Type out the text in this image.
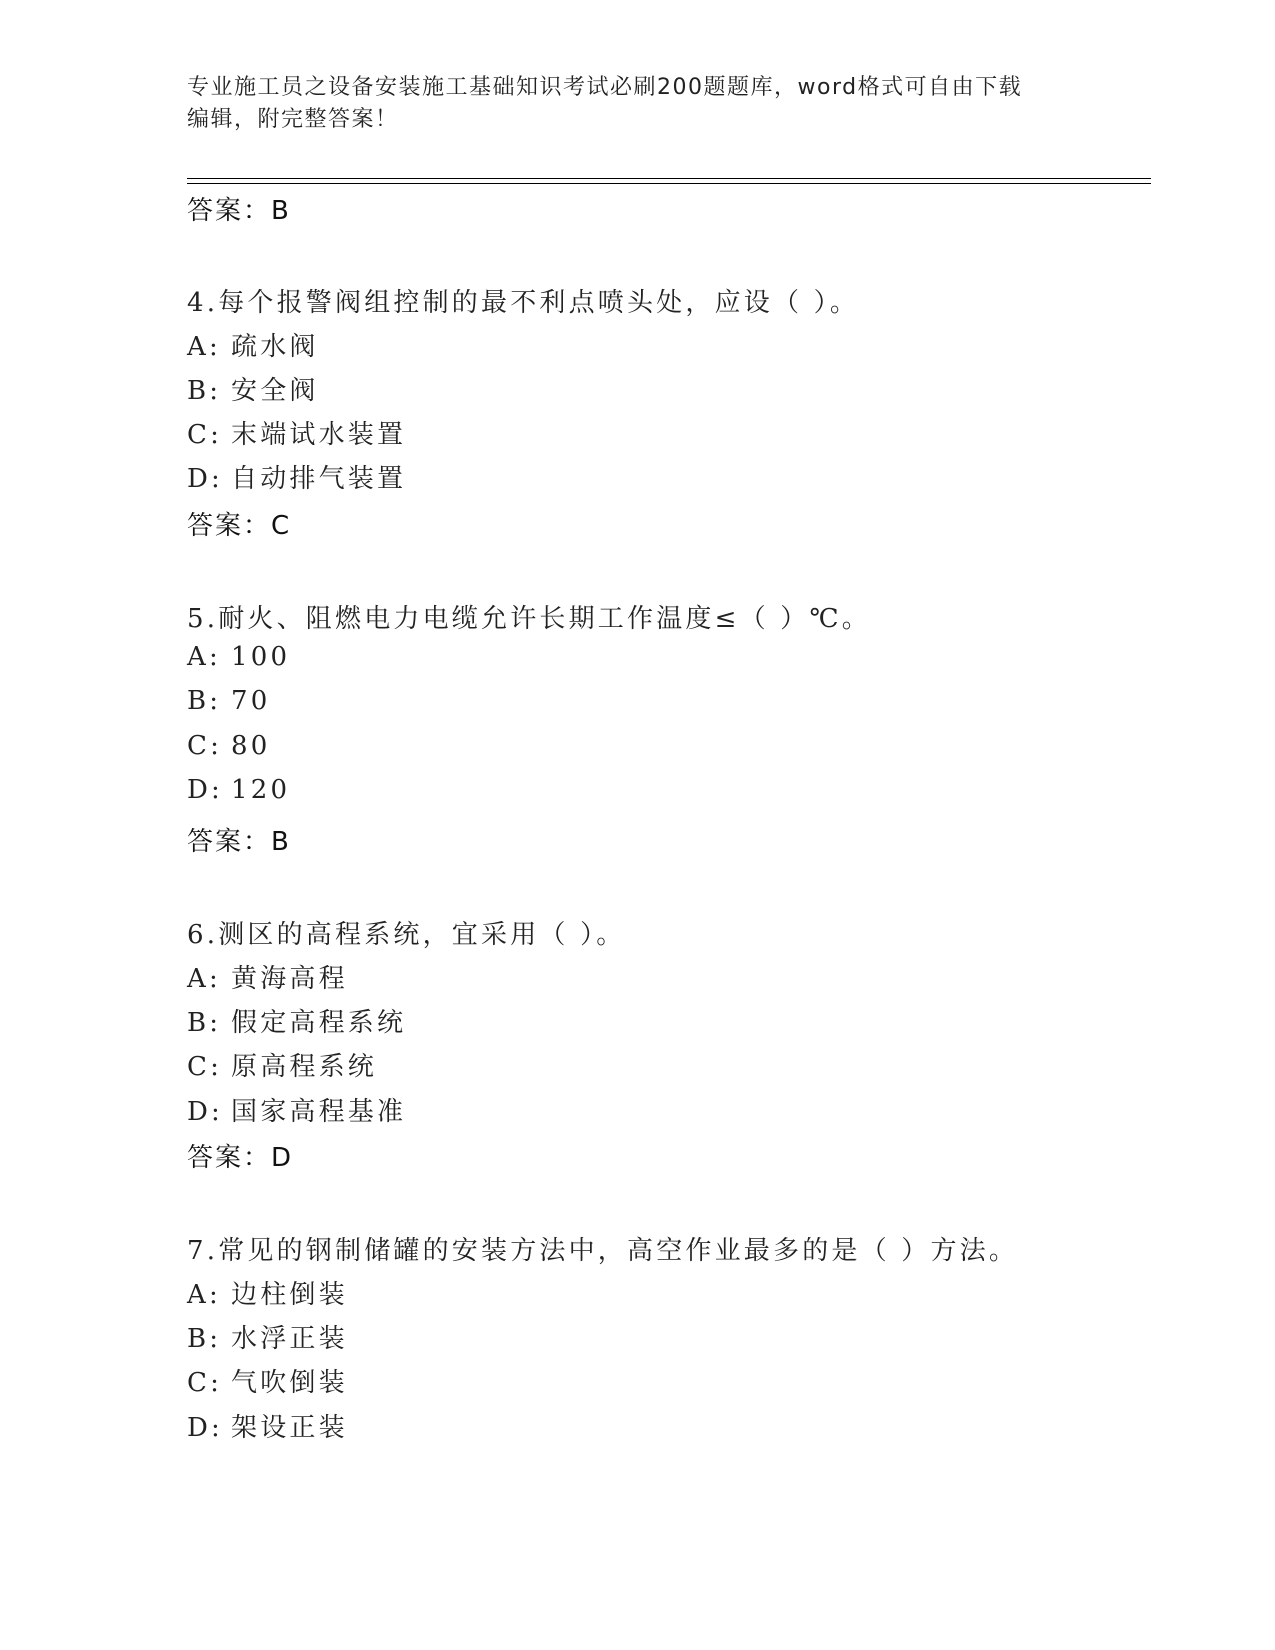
专业施工员之设备安装施工基础知识考试必刷200题题库，word格式可自由下载
编辑，附完整答案！
答案：B
4.每个报警阀组控制的最不利点喷头处，应设（ ）。
A: 疏水阀
B: 安全阀
C: 末端试水装置
D: 自动排气装置
答案：C
5.耐火、阻燃电力电缆允许长期工作温度≤（ ）℃。
A: 100
B: 70
C: 80
D: 120
答案：B
6.测区的高程系统，宜采用（ ）。
A: 黄海高程
B: 假定高程系统
C: 原高程系统
D: 国家高程基准
答案：D
7.常见的钢制储罐的安装方法中，高空作业最多的是（ ）方法。
A: 边柱倒装
B: 水浮正装
C: 气吹倒装
D: 架设正装
